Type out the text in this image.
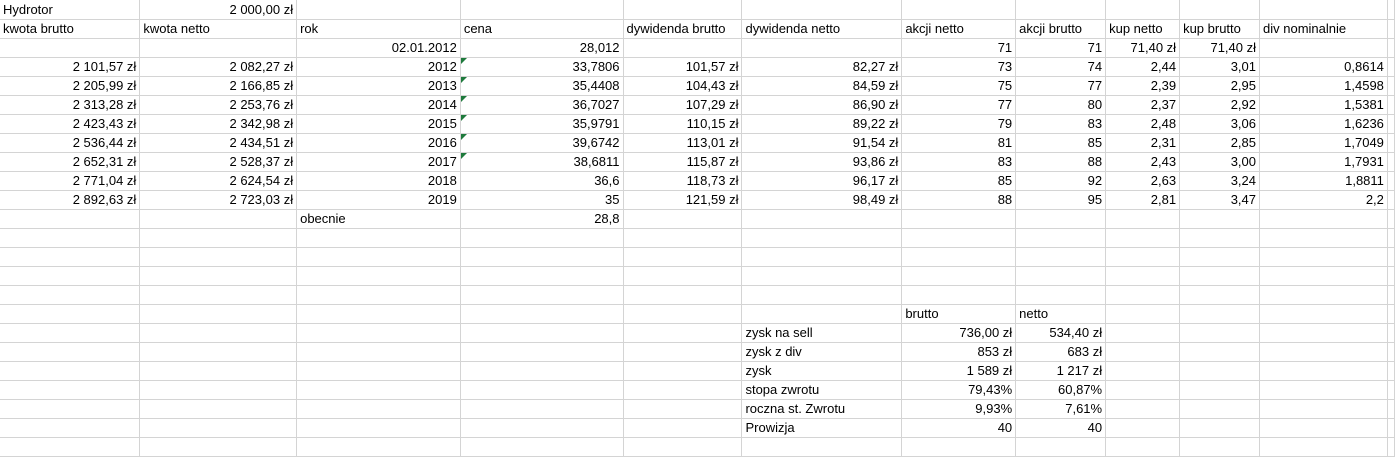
Hydrotor	2 000,00 zł										
kwota brutto	kwota netto	rok	cena	dywidenda brutto	dywidenda netto	akcji netto	akcji brutto	kup netto	kup brutto	div nominalnie	
		02.01.2012	28,012			71	71	71,40 zł	71,40 zł		
2 101,57 zł	2 082,27 zł	2012	33,7806	101,57 zł	82,27 zł	73	74	2,44	3,01	0,8614	
2 205,99 zł	2 166,85 zł	2013	35,4408	104,43 zł	84,59 zł	75	77	2,39	2,95	1,4598	
2 313,28 zł	2 253,76 zł	2014	36,7027	107,29 zł	86,90 zł	77	80	2,37	2,92	1,5381	
2 423,43 zł	2 342,98 zł	2015	35,9791	110,15 zł	89,22 zł	79	83	2,48	3,06	1,6236	
2 536,44 zł	2 434,51 zł	2016	39,6742	113,01 zł	91,54 zł	81	85	2,31	2,85	1,7049	
2 652,31 zł	2 528,37 zł	2017	38,6811	115,87 zł	93,86 zł	83	88	2,43	3,00	1,7931	
2 771,04 zł	2 624,54 zł	2018	36,6	118,73 zł	96,17 zł	85	92	2,63	3,24	1,8811	
2 892,63 zł	2 723,03 zł	2019	35	121,59 zł	98,49 zł	88	95	2,81	3,47	2,2	
		obecnie	28,8								

						brutto	netto				
					zysk na sell	736,00 zł	534,40 zł				
					zysk z div	853 zł	683 zł				
					zysk	1 589 zł	1 217 zł				
					stopa zwrotu	79,43%	60,87%				
					roczna st. Zwrotu	9,93%	7,61%				
					Prowizja	40	40				
